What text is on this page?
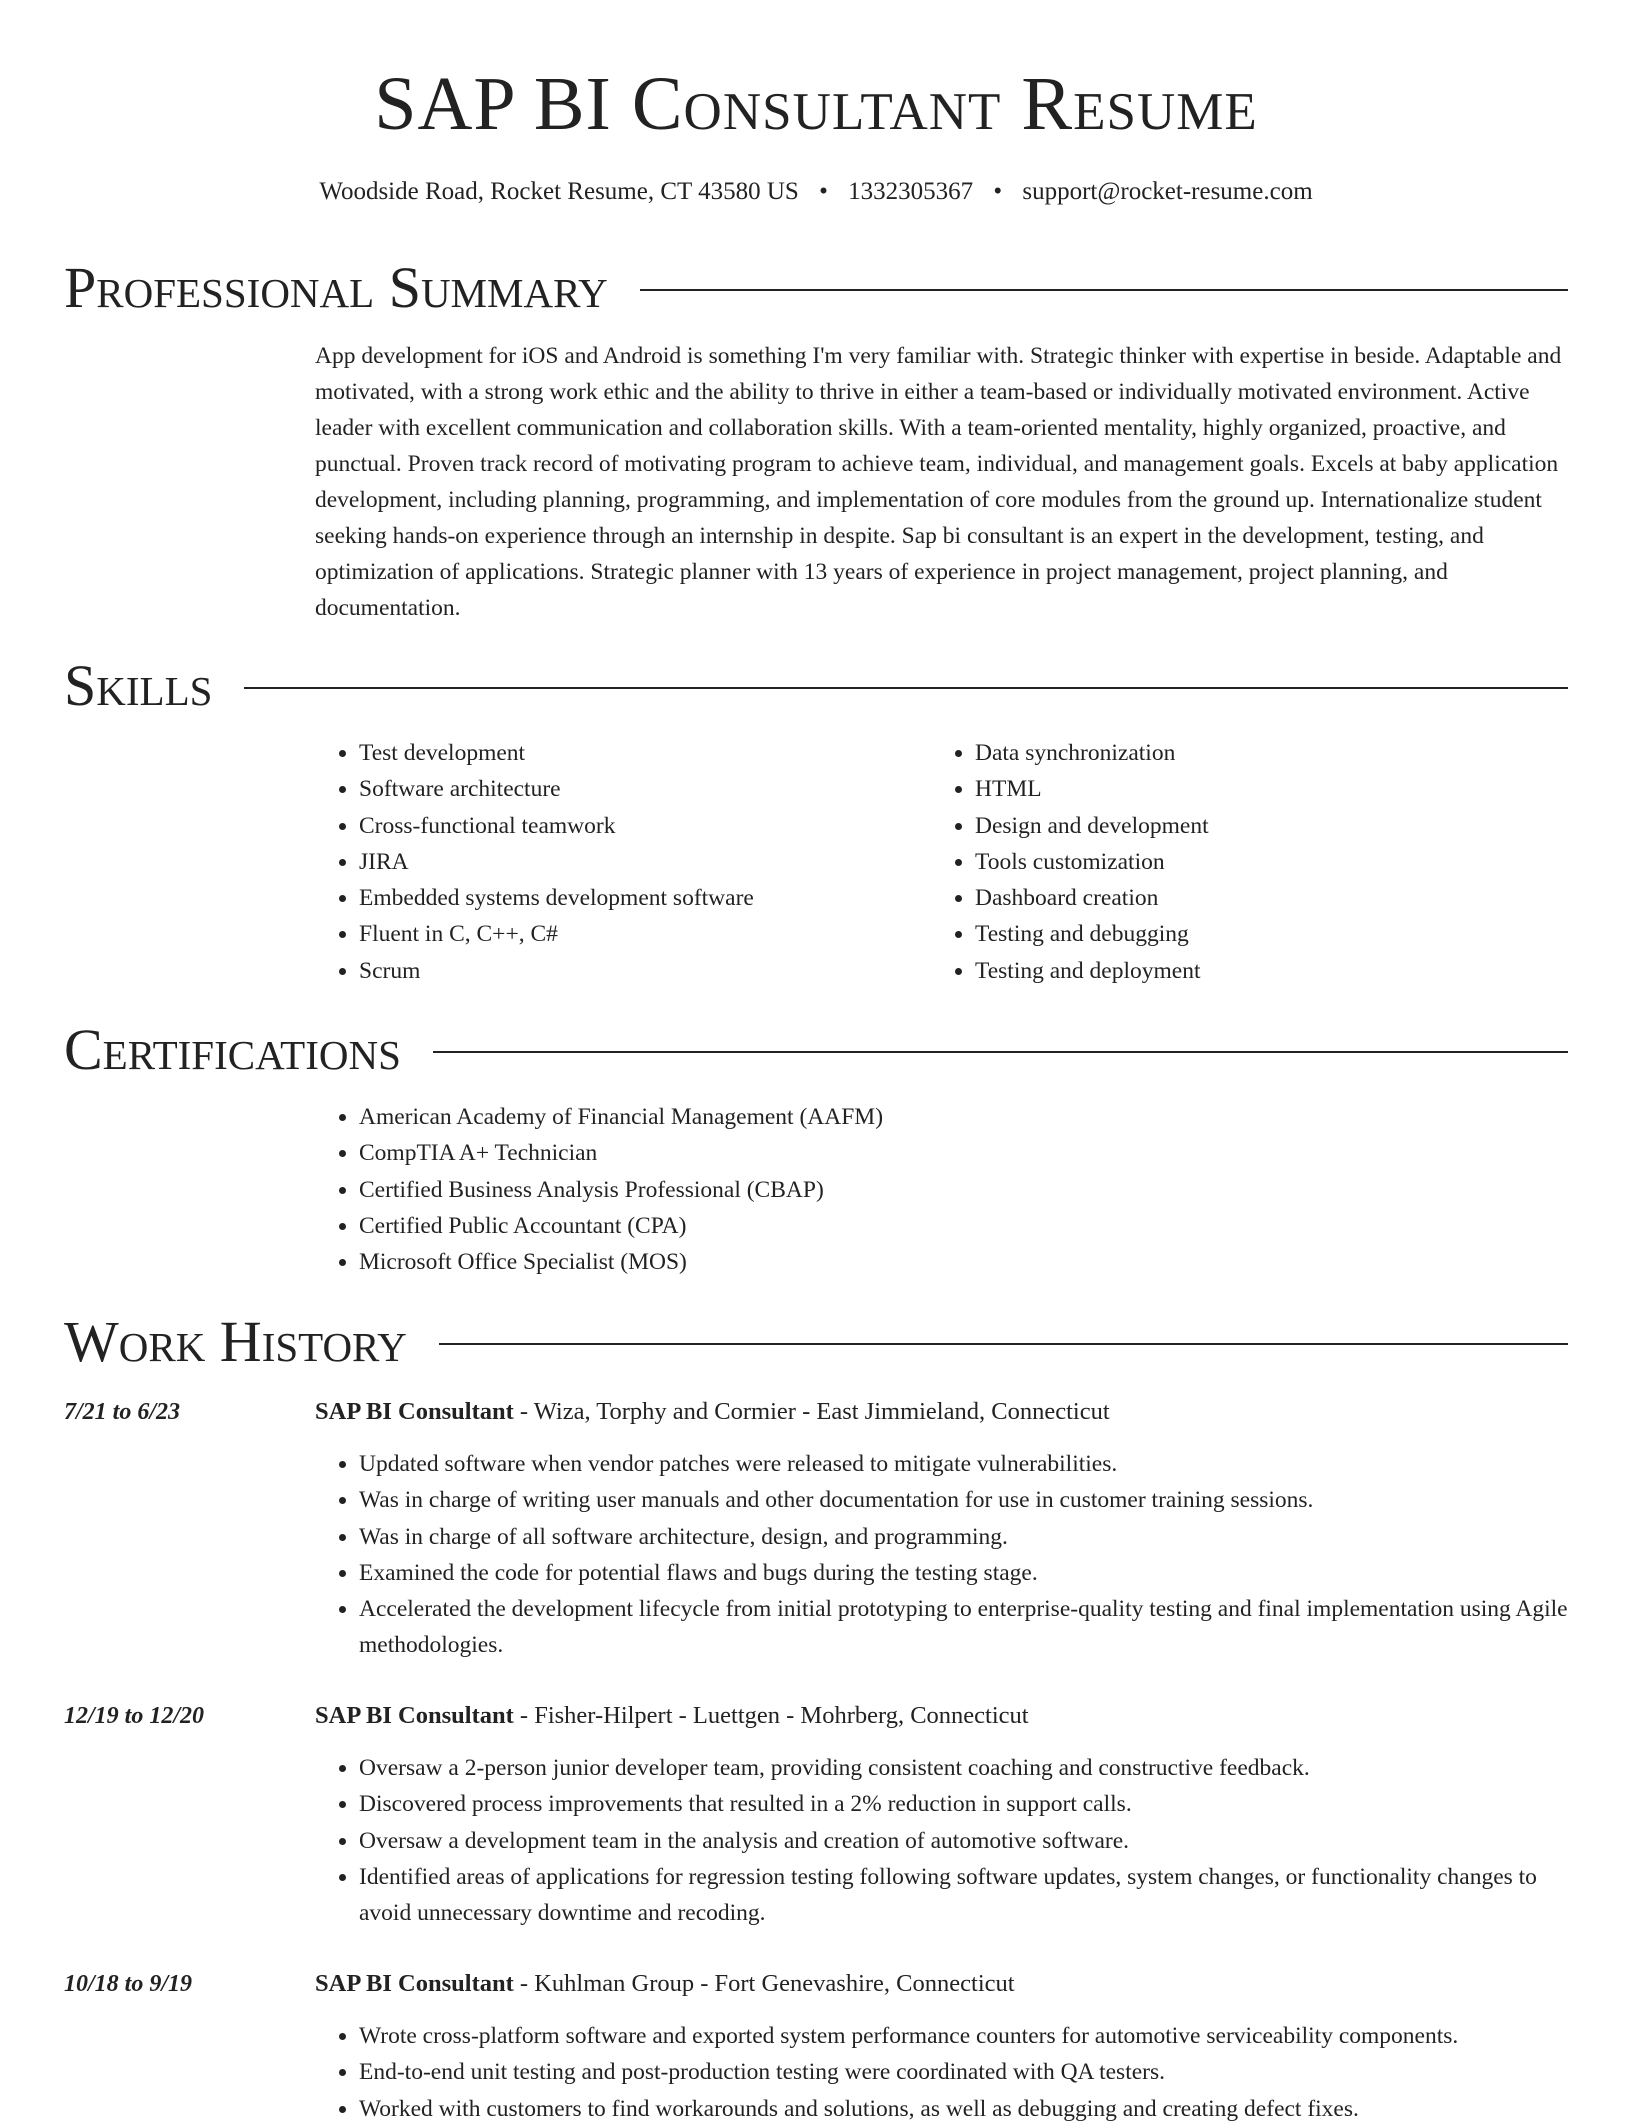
SAP BI Consultant Resume
Woodside Road, Rocket Resume, CT 43580 US • 1332305367 • support@rocket-resume.com
Professional Summary

App development for iOS and Android is something I'm very familiar with. Strategic thinker with expertise in beside. Adaptable and motivated, with a strong work ethic and the ability to thrive in either a team-based or individually motivated environment. Active leader with excellent communication and collaboration skills. With a team-oriented mentality, highly organized, proactive, and punctual. Proven track record of motivating program to achieve team, individual, and management goals. Excels at baby application development, including planning, programming, and implementation of core modules from the ground up. Internationalize student seeking hands-on experience through an internship in despite. Sap bi consultant is an expert in the development, testing, and optimization of applications. Strategic planner with 13 years of experience in project management, project planning, and documentation.

Skills
• Test development
• Software architecture
• Cross-functional teamwork
• JIRA
• Embedded systems development software
• Fluent in C, C++, C#
• Scrum
• Data synchronization
• HTML
• Design and development
• Tools customization
• Dashboard creation
• Testing and debugging
• Testing and deployment
Certifications
• American Academy of Financial Management (AAFM)
• CompTIA A+ Technician
• Certified Business Analysis Professional (CBAP)
• Certified Public Accountant (CPA)
• Microsoft Office Specialist (MOS)
Work History
7/21 to 6/23	SAP BI Consultant - Wiza, Torphy and Cormier - East Jimmieland, Connecticut
• Updated software when vendor patches were released to mitigate vulnerabilities.
• Was in charge of writing user manuals and other documentation for use in customer training sessions.
• Was in charge of all software architecture, design, and programming.
• Examined the code for potential flaws and bugs during the testing stage.
• Accelerated the development lifecycle from initial prototyping to enterprise-quality testing and final implementation using Agile methodologies.
12/19 to 12/20	SAP BI Consultant - Fisher-Hilpert - Luettgen - Mohrberg, Connecticut
• Oversaw a 2-person junior developer team, providing consistent coaching and constructive feedback.
• Discovered process improvements that resulted in a 2% reduction in support calls.
• Oversaw a development team in the analysis and creation of automotive software.
• Identified areas of applications for regression testing following software updates, system changes, or functionality changes to avoid unnecessary downtime and recoding.
10/18 to 9/19	SAP BI Consultant - Kuhlman Group - Fort Genevashire, Connecticut
• Wrote cross-platform software and exported system performance counters for automotive serviceability components.
• End-to-end unit testing and post-production testing were coordinated with QA testers.
• Worked with customers to find workarounds and solutions, as well as debugging and creating defect fixes.
